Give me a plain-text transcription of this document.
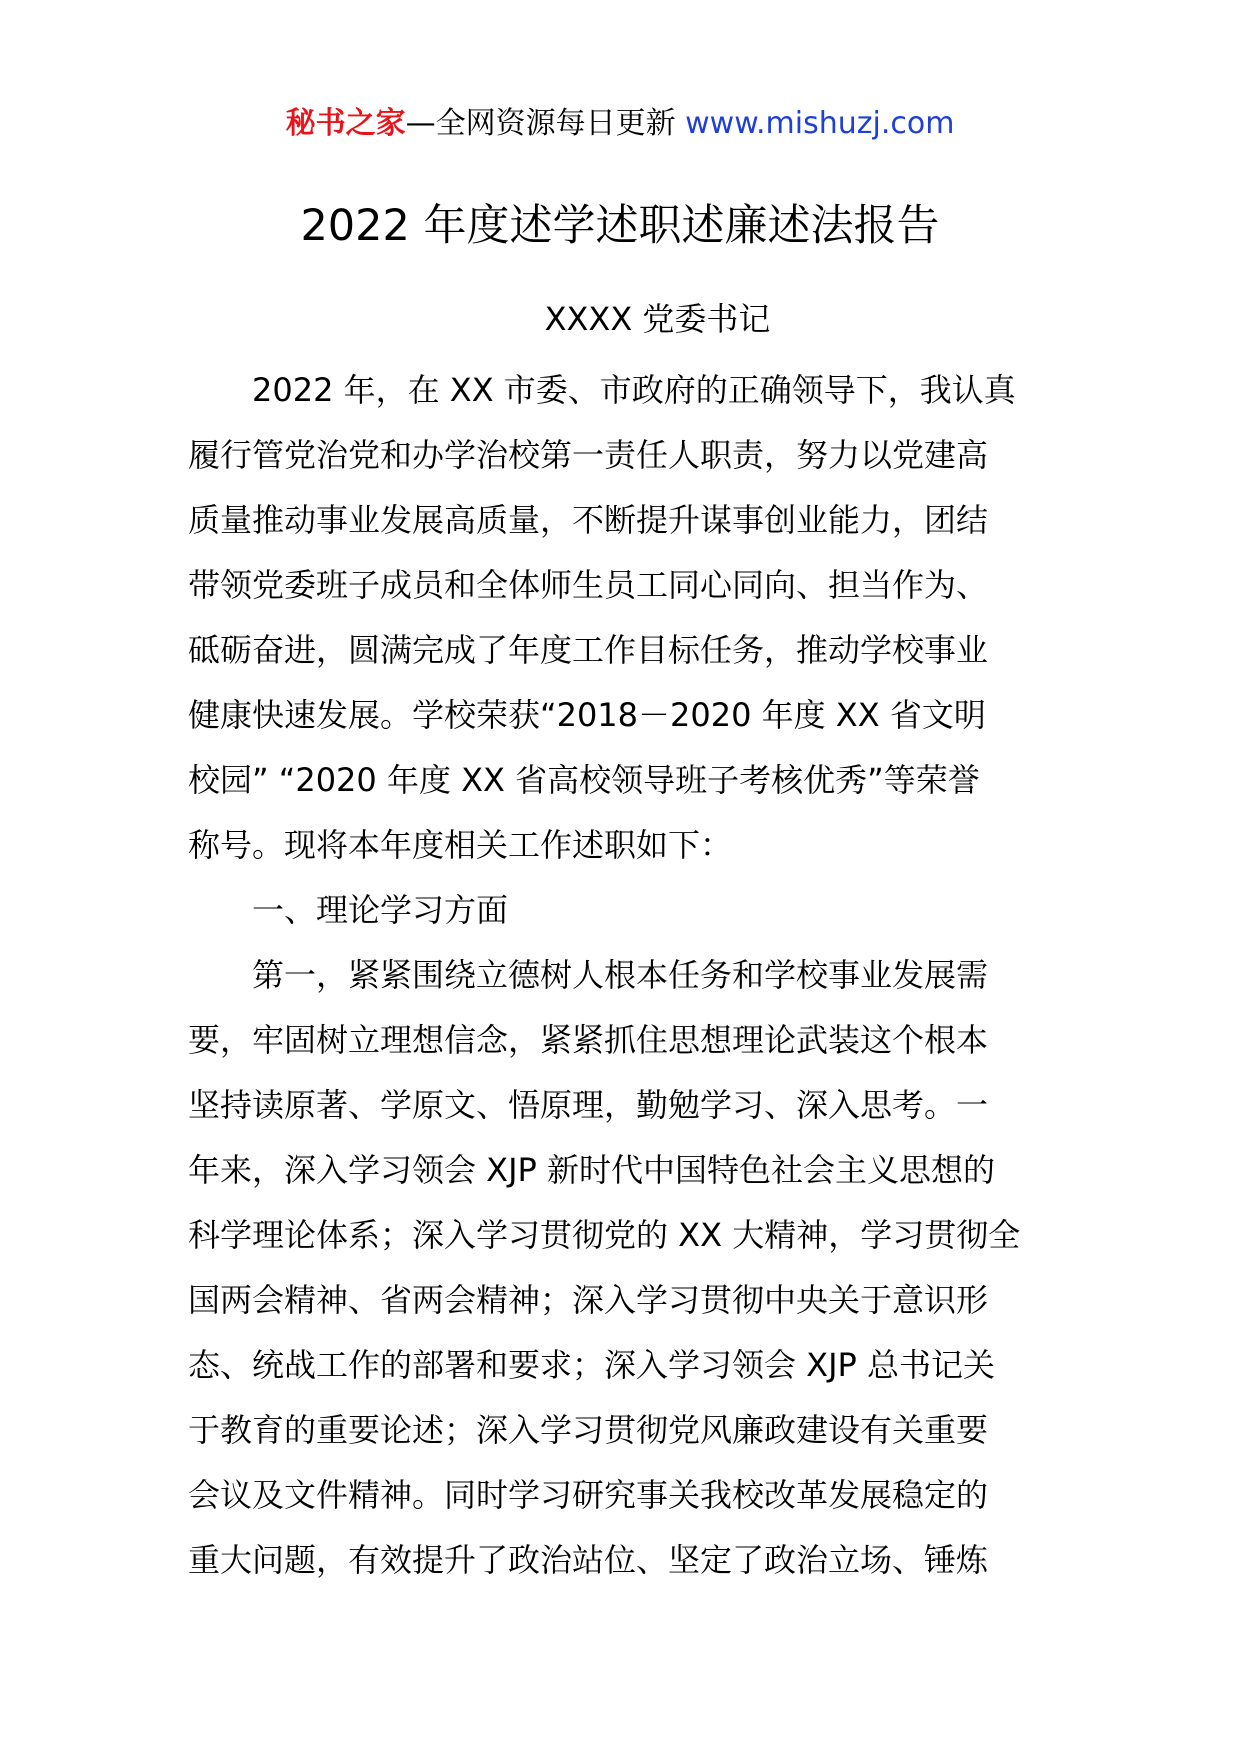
秘书之家—全网资源每日更新 www.mishuzj.com
2022 年度述学述职述廉述法报告
XXXX 党委书记

2022 年，在 XX 市委、市政府的正确领导下，我认真
履行管党治党和办学治校第一责任人职责，努力以党建高
质量推动事业发展高质量，不断提升谋事创业能力，团结
带领党委班子成员和全体师生员工同心同向、担当作为、
砥砺奋进，圆满完成了年度工作目标任务，推动学校事业
健康快速发展。学校荣获“2018－2020 年度 XX 省文明
校园” “2020 年度 XX 省高校领导班子考核优秀”等荣誉
称号。现将本年度相关工作述职如下：

一、理论学习方面

第一，紧紧围绕立德树人根本任务和学校事业发展需
要，牢固树立理想信念，紧紧抓住思想理论武装这个根本
坚持读原著、学原文、悟原理，勤勉学习、深入思考。一
年来，深入学习领会 XJP 新时代中国特色社会主义思想的
科学理论体系；深入学习贯彻党的 XX 大精神，学习贯彻全
国两会精神、省两会精神；深入学习贯彻中央关于意识形
态、统战工作的部署和要求；深入学习领会 XJP 总书记关
于教育的重要论述；深入学习贯彻党风廉政建设有关重要
会议及文件精神。同时学习研究事关我校改革发展稳定的
重大问题，有效提升了政治站位、坚定了政治立场、锤炼
